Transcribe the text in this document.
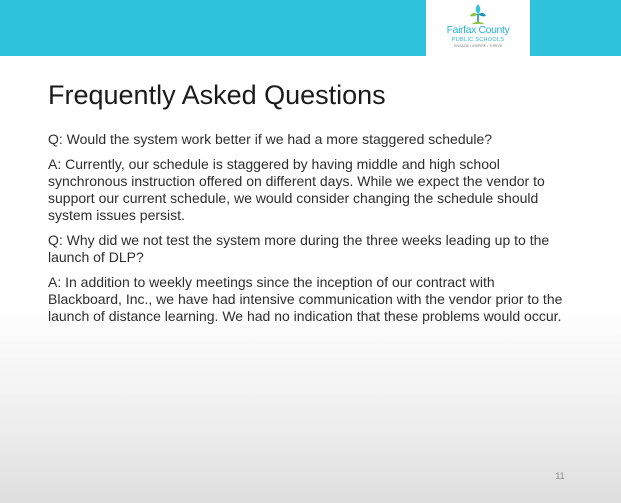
Fairfax County
PUBLIC SCHOOLS
ENGAGE • INSPIRE • THRIVE
Frequently Asked Questions

Q: Would the system work better if we had a more staggered schedule?

A: Currently, our schedule is staggered by having middle and high school synchronous instruction offered on different days. While we expect the vendor to support our current schedule, we would consider changing the schedule should system issues persist.

Q: Why did we not test the system more during the three weeks leading up to the launch of DLP?

A: In addition to weekly meetings since the inception of our contract with Blackboard, Inc., we have had intensive communication with the vendor prior to the launch of distance learning. We had no indication that these problems would occur.

11
